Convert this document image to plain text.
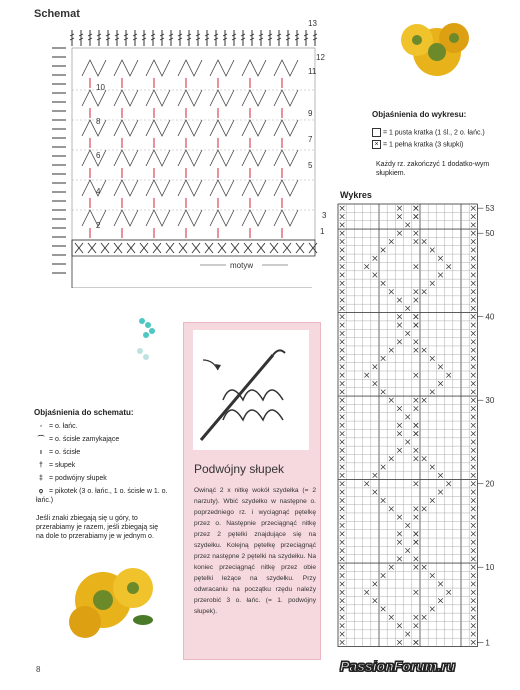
Schemat
motyw
1
2
3
4
5
6
7
8
9
10
11
12
13
Objaśnienia do wykresu:
= 1 pusta kratka (1 śl., 2 o. łańc.)
× = 1 pełna kratka (3 słupki)
Każdy rz. zakończyć 1 dodatko-wym słupkiem.
Wykres
53
50
40
30
20
10
1
Objaśnienia do schematu:
◦ = o. łańc.
⌒ = o. ścisłe zamykające
ı = o. ścisłe
† = słupek
‡ = podwójny słupek
ọ = pikotek (3 o. łańc., 1 o. ścisłe w 1. o. łańc.)
Jeśli znaki zbiegają się u góry, to przerabiamy je razem, jeśli zbiegają się na dole to przerabiamy je w jednym o.
Podwójny słupek
Owinąć 2 x nitkę wokół szydełka (= 2 narzuty). Wbić szydełko w następne o. poprzedniego rz. i wyciągnąć pętelkę przez o. Następnie przeciągnąć nitkę przez 2 pętelki znajdujące się na szydełku. Kolejną pętelkę przeciągnąć przez następne 2 pętelki na szydełku. Na koniec przeciągnąć nitkę przez obie pętelki leżące na szydełku. Przy odwracaniu na początku rzędu należy przerobić 3 o. łańc. (= 1. podwójny słupek).
8	PassionForum.ru
